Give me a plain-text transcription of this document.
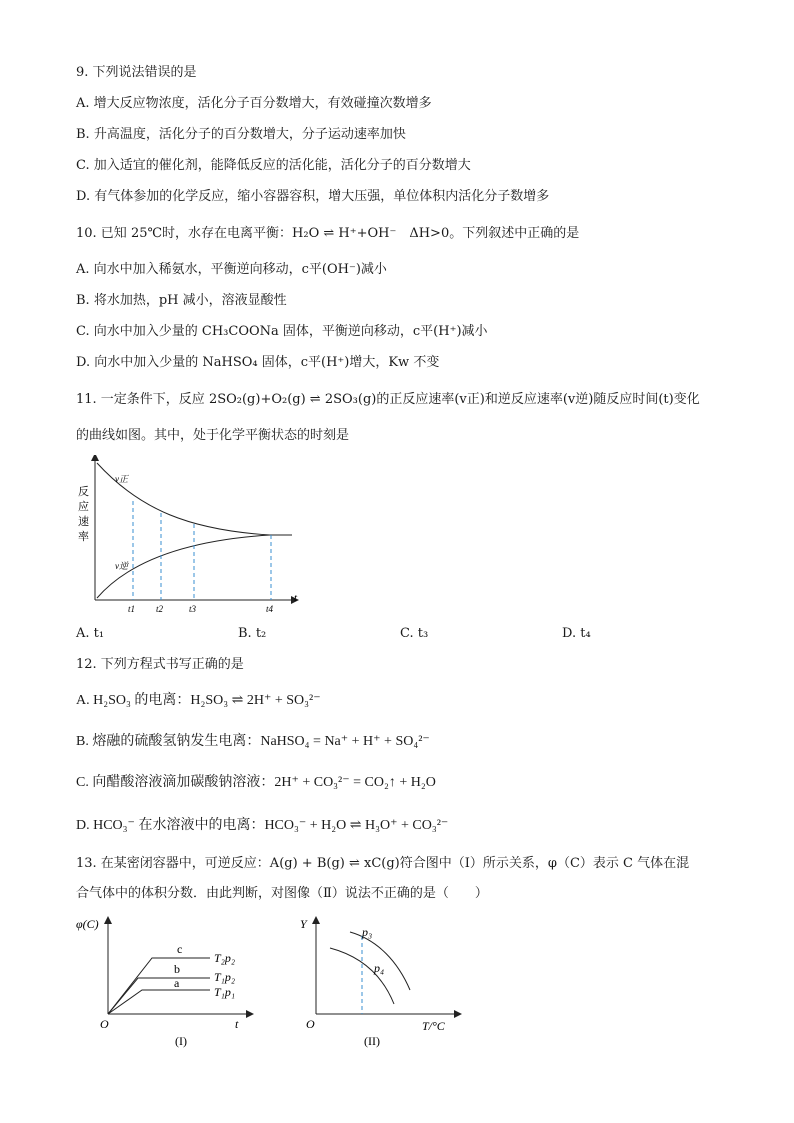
9. 下列说法错误的是
A. 增大反应物浓度，活化分子百分数增大，有效碰撞次数增多
B. 升高温度，活化分子的百分数增大，分子运动速率加快
C. 加入适宜的催化剂，能降低反应的活化能，活化分子的百分数增大
D. 有气体参加的化学反应，缩小容器容积，增大压强，单位体积内活化分子数增多
10. 已知 25℃时，水存在电离平衡：H₂O ⇌ H⁺+OH⁻　ΔH>0。下列叙述中正确的是
A. 向水中加入稀氨水，平衡逆向移动，c平(OH⁻)减小
B. 将水加热，pH 减小，溶液显酸性
C. 向水中加入少量的 CH₃COONa 固体，平衡逆向移动，c平(H⁺)减小
D. 向水中加入少量的 NaHSO₄ 固体，c平(H⁺)增大，Kw 不变
11. 一定条件下，反应 2SO₂(g)+O₂(g) ⇌ 2SO₃(g)的正反应速率(v正)和逆反应速率(v逆)随反应时间(t)变化
的曲线如图。其中，处于化学平衡状态的时刻是
反
应
速
率
v正
v逆
t
t1 t2	t3	t4
A. t₁	B. t₂	C. t₃	D. t₄
12. 下列方程式书写正确的是
A. H₂SO₃ 的电离：H₂SO₃ ⇌ 2H⁺ + SO₃²⁻
B. 熔融的硫酸氢钠发生电离：NaHSO₄ = Na⁺ + H⁺ + SO₄²⁻
C. 向醋酸溶液滴加碳酸钠溶液：2H⁺ + CO₃²⁻ = CO₂↑ + H₂O
D. HCO₃⁻ 在水溶液中的电离：HCO₃⁻ + H₂O ⇌ H₃O⁺ + CO₃²⁻
13. 在某密闭容器中，可逆反应：A(g) + B(g) ⇌ xC(g)符合图中（Ⅰ）所示关系，φ（C）表示 C 气体在混
合气体中的体积分数．由此判断，对图像（Ⅱ）说法不正确的是（　　）
φ(C)
O	t
c
b
a
T₂p₂
T₁p₂
T₁p₁
(I)
Y
O	T/°C
p₃
p₄
(II)
